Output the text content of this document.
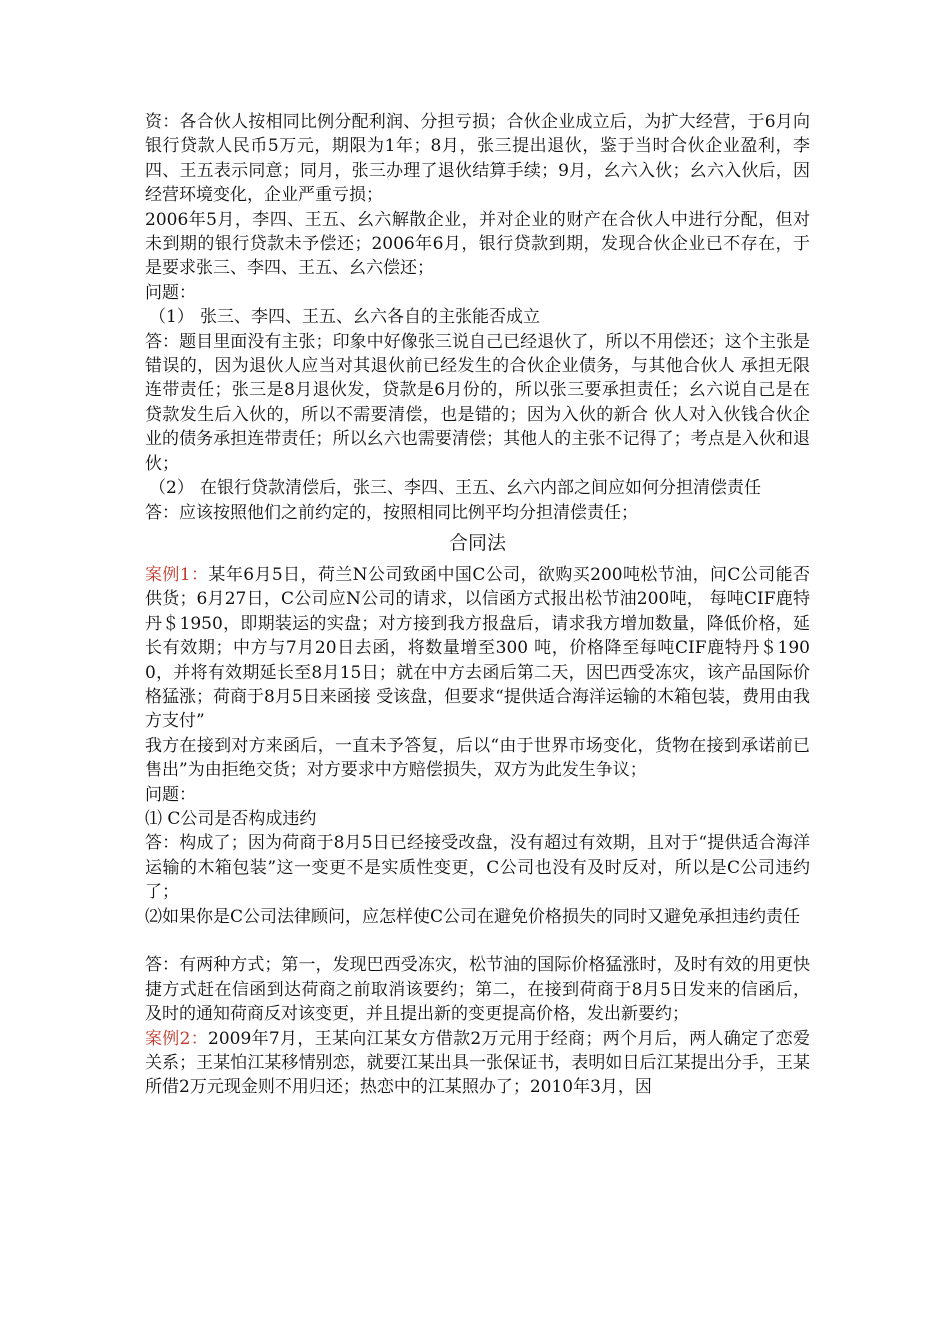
资：各合伙人按相同比例分配利润、分担亏损；合伙企业成立后，为扩大经营，于6月向银行贷款人民币5万元，期限为1年；8月，张三提出退伙，鉴于当时合伙企业盈利，李四、王五表示同意；同月，张三办理了退伙结算手续；9月，幺六入伙；幺六入伙后，因经营环境变化，企业严重亏损；

2006年5月，李四、王五、幺六解散企业，并对企业的财产在合伙人中进行分配，但对未到期的银行贷款未予偿还；2006年6月，银行贷款到期，发现合伙企业已不存在，于是要求张三、李四、王五、幺六偿还；

问题：

（1） 张三、李四、王五、幺六各自的主张能否成立

答：题目里面没有主张；印象中好像张三说自己已经退伙了，所以不用偿还；这个主张是错误的，因为退伙人应当对其退伙前已经发生的合伙企业债务，与其他合伙人 承担无限连带责任；张三是8月退伙发，贷款是6月份的，所以张三要承担责任；幺六说自己是在贷款发生后入伙的，所以不需要清偿，也是错的；因为入伙的新合 伙人对入伙钱合伙企业的债务承担连带责任；所以幺六也需要清偿；其他人的主张不记得了；考点是入伙和退伙；

（2） 在银行贷款清偿后，张三、李四、王五、幺六内部之间应如何分担清偿责任

答：应该按照他们之前约定的，按照相同比例平均分担清偿责任；

合同法

案例1：某年6月5日，荷兰N公司致函中国C公司，欲购买200吨松节油，问C公司能否供货；6月27日，C公司应N公司的请求，以信函方式报出松节油200吨， 每吨CIF鹿特丹＄1950，即期装运的实盘；对方接到我方报盘后，请求我方增加数量，降低价格，延长有效期；中方与7月20日去函，将数量增至300 吨，价格降至每吨CIF鹿特丹＄1900，并将有效期延长至8月15日；就在中方去函后第二天，因巴西受冻灾，该产品国际价格猛涨；荷商于8月5日来函接 受该盘，但要求“提供适合海洋运输的木箱包装，费用由我方支付”

我方在接到对方来函后，一直未予答复，后以“由于世界市场变化，货物在接到承诺前已售出”为由拒绝交货；对方要求中方赔偿损失，双方为此发生争议；

问题：

⑴ C公司是否构成违约

答：构成了；因为荷商于8月5日已经接受改盘，没有超过有效期，且对于“提供适合海洋运输的木箱包装”这一变更不是实质性变更，C公司也没有及时反对，所以是C公司违约了；

⑵如果你是C公司法律顾问，应怎样使C公司在避免价格损失的同时又避免承担违约责任

答：有两种方式；第一，发现巴西受冻灾，松节油的国际价格猛涨时，及时有效的用更快捷方式赶在信函到达荷商之前取消该要约；第二，在接到荷商于8月5日发来的信函后，及时的通知荷商反对该变更，并且提出新的变更提高价格，发出新要约；

案例2：2009年7月，王某向江某女方借款2万元用于经商；两个月后，两人确定了恋爱关系；王某怕江某移情别恋，就要江某出具一张保证书，表明如日后江某提出分手，王某所借2万元现金则不用归还；热恋中的江某照办了；2010年3月，因
